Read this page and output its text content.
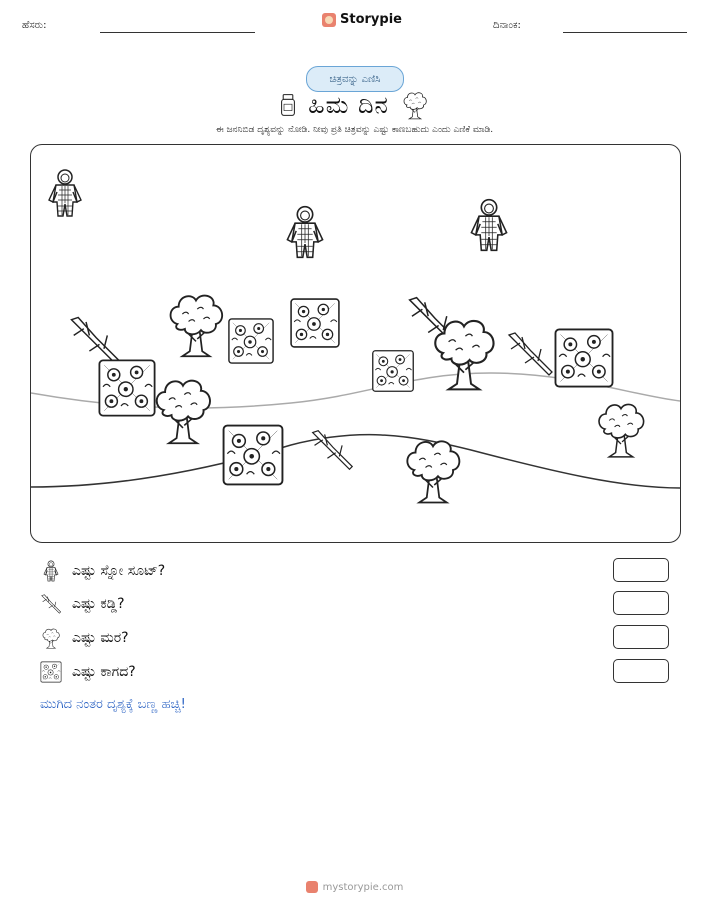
ಹೆಸರು:	ದಿನಾಂಕ:
Storypie
ಚಿತ್ರವನ್ನು ಎಣಿಸಿ
ಹಿಮ ದಿನ
ಈ ಜನನಿಬಿಡ ದೃಶ್ಯವನ್ನು ನೋಡಿ. ನೀವು ಪ್ರತಿ ಚಿತ್ರವನ್ನು ಎಷ್ಟು ಕಾಣಬಹುದು ಎಂದು ಎಣಿಕೆ ಮಾಡಿ.
ಎಷ್ಟು ಸ್ನೋ ಸೂಟ್?
ಎಷ್ಟು ಕಡ್ಡಿ?
ಎಷ್ಟು ಮರ?
ಎಷ್ಟು ಕಾಗದ?
ಮುಗಿದ ನಂತರ ದೃಶ್ಯಕ್ಕೆ ಬಣ್ಣ ಹಚ್ಚಿ!
mystorypie.com
